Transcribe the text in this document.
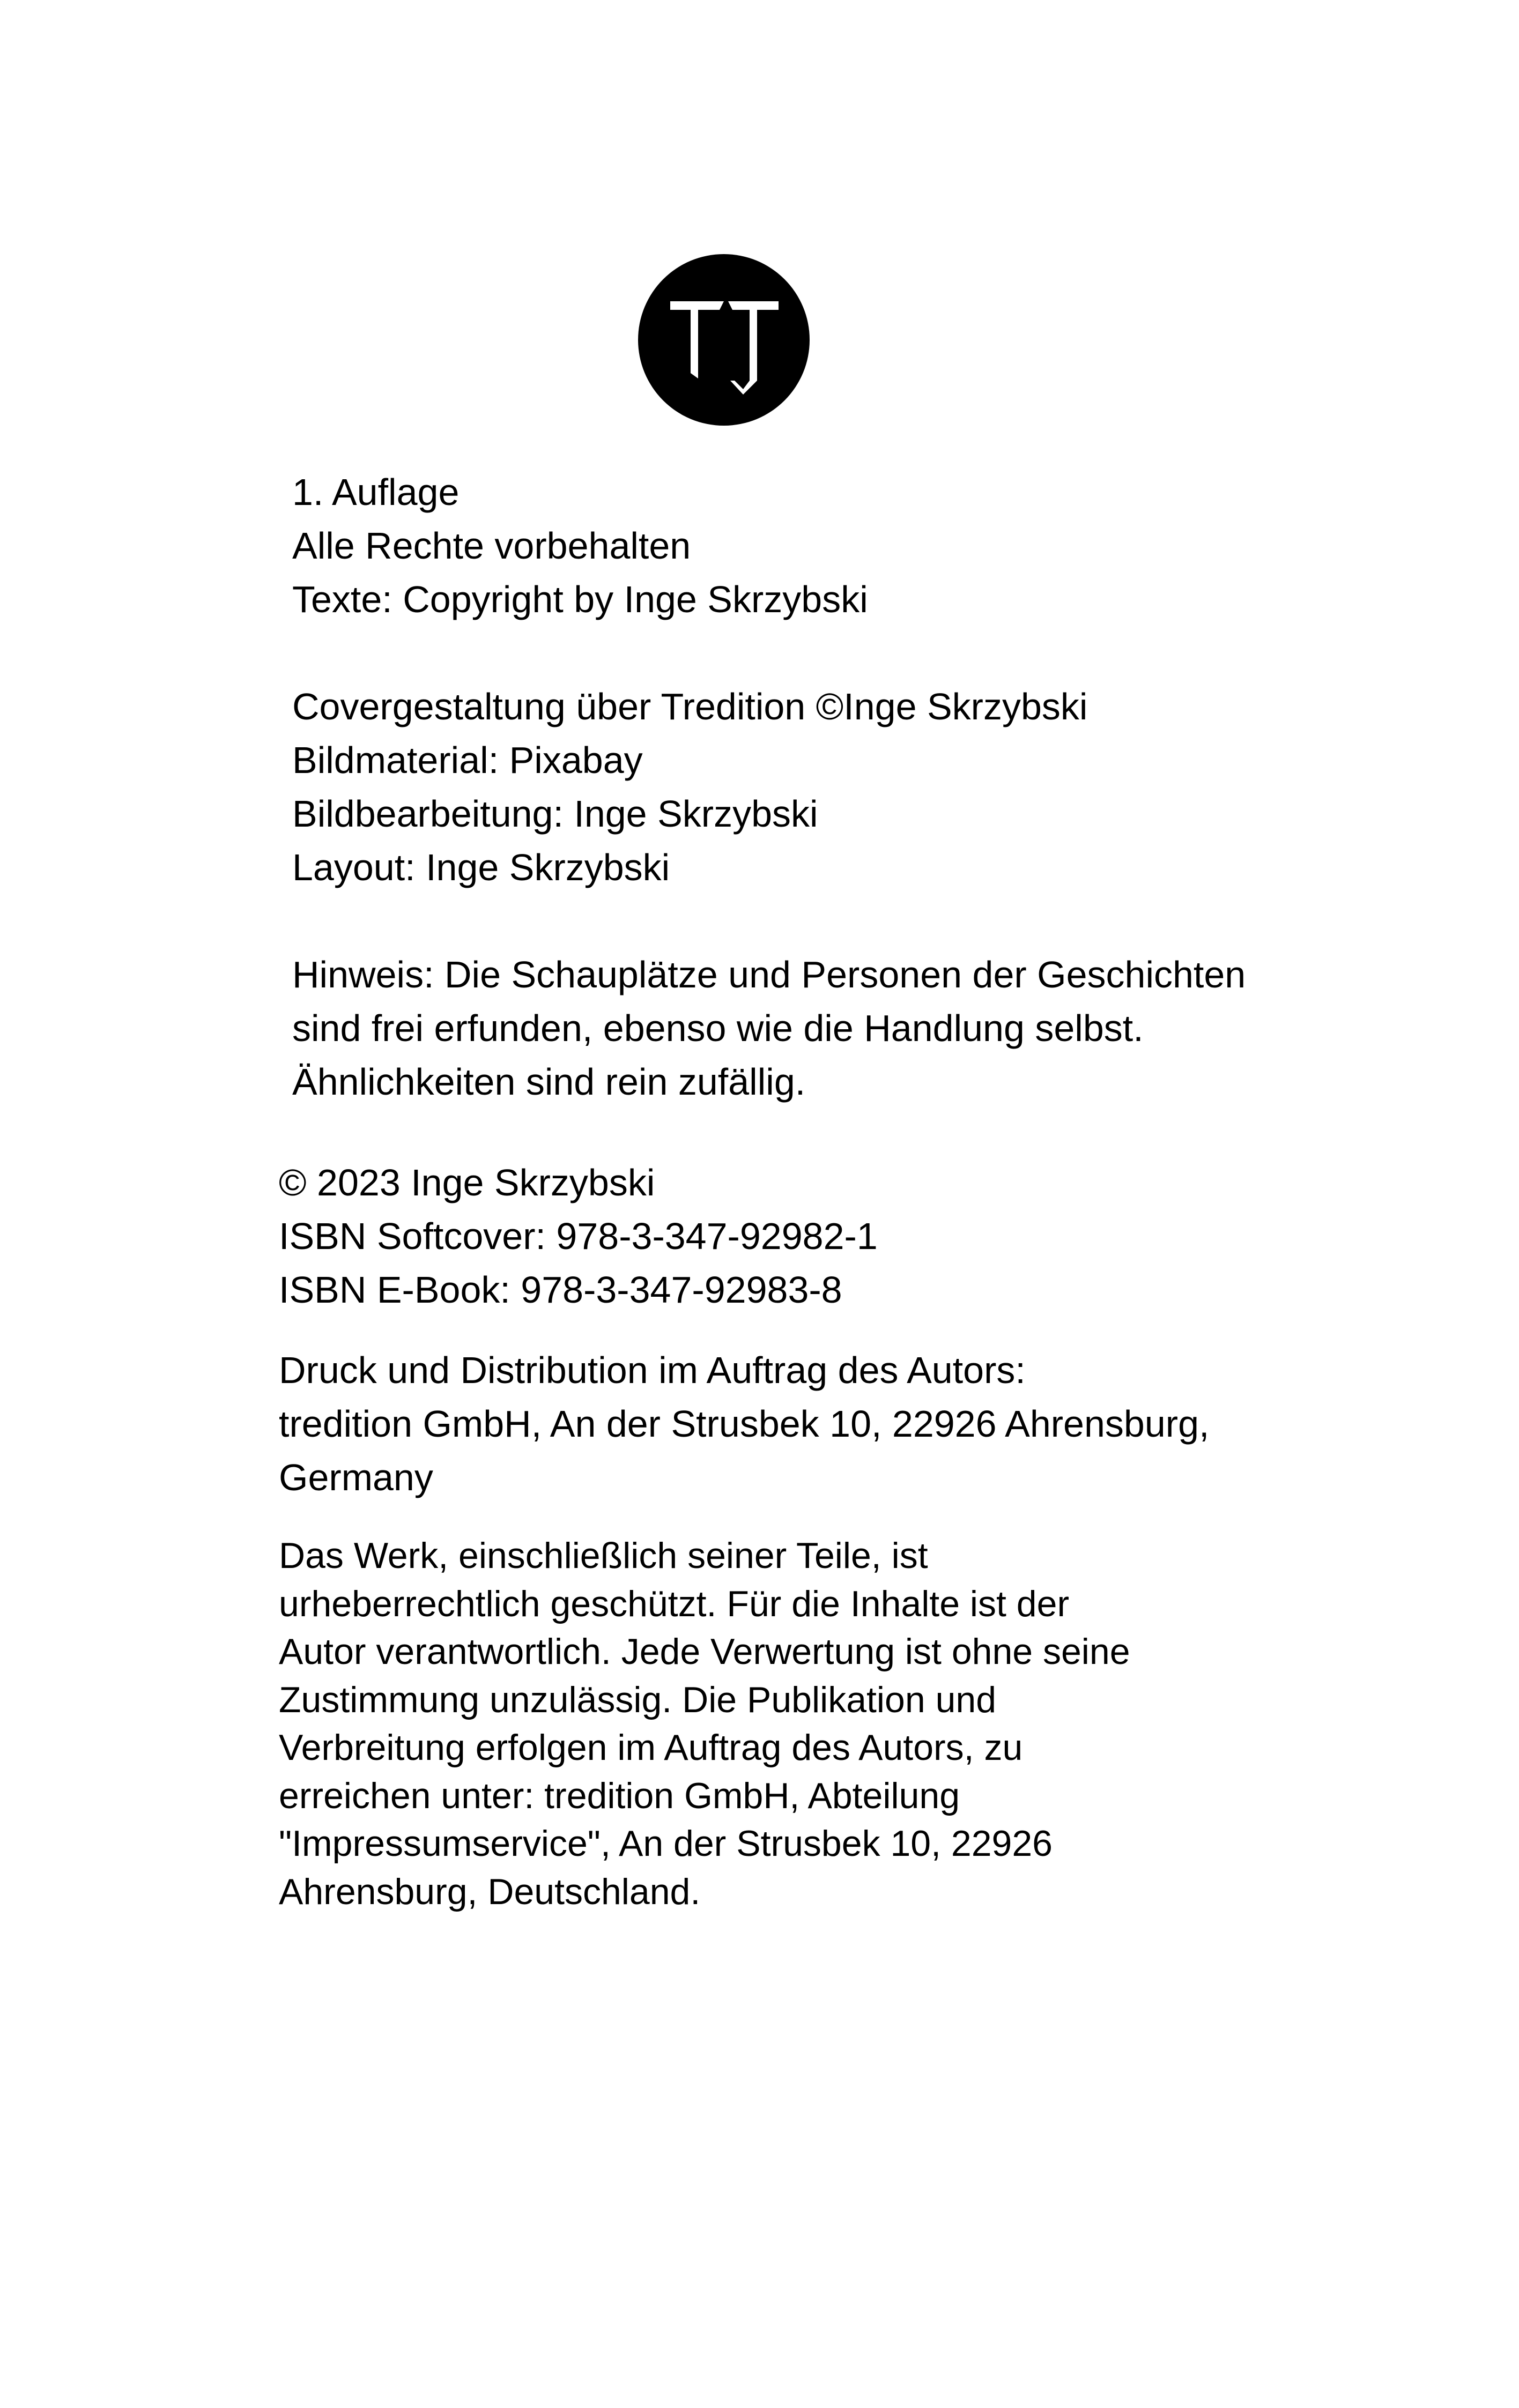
1. Auflage
Alle Rechte vorbehalten
Texte: Copyright by Inge Skrzybski
Covergestaltung über Tredition ©Inge Skrzybski
Bildmaterial: Pixabay
Bildbearbeitung: Inge Skrzybski
Layout: Inge Skrzybski
Hinweis: Die Schauplätze und Personen der Geschichten
sind frei erfunden, ebenso wie die Handlung selbst.
Ähnlichkeiten sind rein zufällig.
© 2023 Inge Skrzybski
ISBN Softcover: 978-3-347-92982-1
ISBN E-Book: 978-3-347-92983-8
Druck und Distribution im Auftrag des Autors:
tredition GmbH, An der Strusbek 10, 22926 Ahrensburg,
Germany
Das Werk, einschließlich seiner Teile, ist
urheberrechtlich geschützt. Für die Inhalte ist der
Autor verantwortlich. Jede Verwertung ist ohne seine
Zustimmung unzulässig. Die Publikation und
Verbreitung erfolgen im Auftrag des Autors, zu
erreichen unter: tredition GmbH, Abteilung
"Impressumservice", An der Strusbek 10, 22926
Ahrensburg, Deutschland.
